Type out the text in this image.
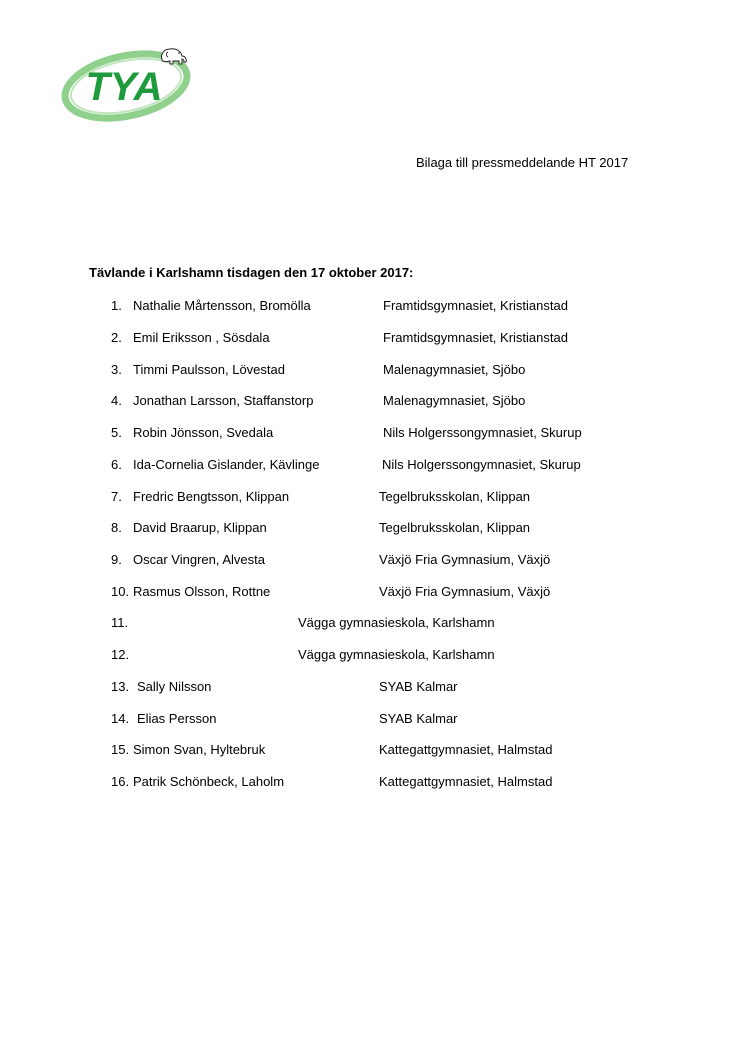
TYA
Bilaga till pressmeddelande HT 2017
Tävlande i Karlshamn tisdagen den 17 oktober 2017:
1. Nathalie Mårtensson, Bromölla	Framtidsgymnasiet, Kristianstad
2. Emil Eriksson , Sösdala	Framtidsgymnasiet, Kristianstad
3. Timmi Paulsson, Lövestad	Malenagymnasiet, Sjöbo
4. Jonathan Larsson, Staffanstorp	Malenagymnasiet, Sjöbo
5. Robin Jönsson, Svedala	Nils Holgerssongymnasiet, Skurup
6. Ida-Cornelia Gislander, Kävlinge	Nils Holgerssongymnasiet, Skurup
7. Fredric Bengtsson, Klippan	Tegelbruksskolan, Klippan
8. David Braarup, Klippan	Tegelbruksskolan, Klippan
9. Oscar Vingren, Alvesta	Växjö Fria Gymnasium, Växjö
10. Rasmus Olsson, Rottne	Växjö Fria Gymnasium, Växjö
11.	Vägga gymnasieskola, Karlshamn
12.	Vägga gymnasieskola, Karlshamn
13. Sally Nilsson	SYAB Kalmar
14. Elias Persson	SYAB Kalmar
15. Simon Svan, Hyltebruk	Kattegattgymnasiet, Halmstad
16. Patrik Schönbeck, Laholm	Kattegattgymnasiet, Halmstad
